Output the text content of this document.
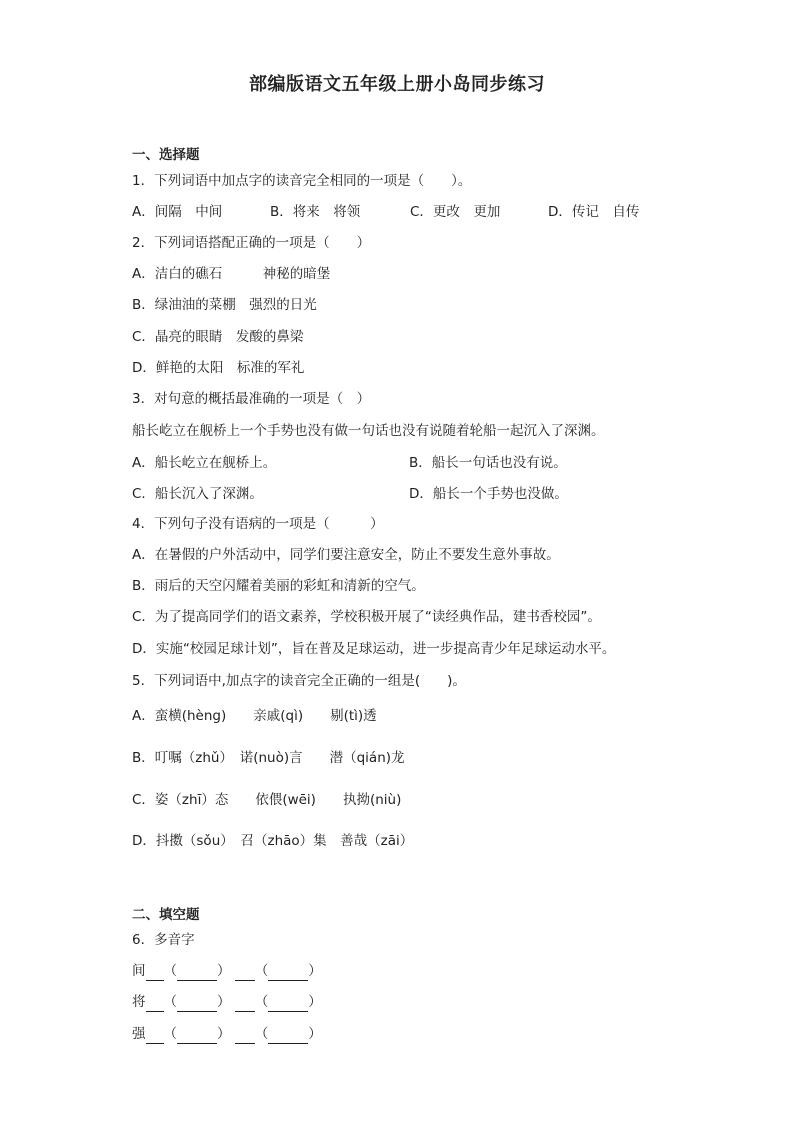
部编版语文五年级上册小岛同步练习
一、选择题
1．下列词语中加点字的读音完全相同的一项是（　　）。
A．间隔　中间	B．将来　将领	C．更改　更加	D．传记　自传
2．下列词语搭配正确的一项是（　　）
A．洁白的礁石　　　神秘的暗堡
B．绿油油的菜棚　强烈的日光
C．晶亮的眼睛　发酸的鼻梁
D．鲜艳的太阳　标准的军礼
3．对句意的概括最准确的一项是（　）
船长屹立在舰桥上一个手势也没有做一句话也没有说随着轮船一起沉入了深渊。
A．船长屹立在舰桥上。	B．船长一句话也没有说。
C．船长沉入了深渊。	D．船长一个手势也没做。
4．下列句子没有语病的一项是（　　　）
A．在暑假的户外活动中，同学们要注意安全，防止不要发生意外事故。
B．雨后的天空闪耀着美丽的彩虹和清新的空气。
C．为了提高同学们的语文素养，学校积极开展了“读经典作品，建书香校园”。
D．实施“校园足球计划”，旨在普及足球运动，进一步提高青少年足球运动水平。
5．下列词语中,加点字的读音完全正确的一组是(　　)。
A．蛮横(hèng)　　亲戚(qì)　　剔(tì)透
B．叮嘱（zhǔ）　诺(nuò)言　　潜（qián)龙
C．姿（zhī）态　　依偎(wēi)　　执拗(niù)
D．抖擞（sǒu）　召（zhāo）集　善哉（zāi）
二、填空题
6．多音字
间 （	） （	）
将 （	） （	）
强 （	） （	）
